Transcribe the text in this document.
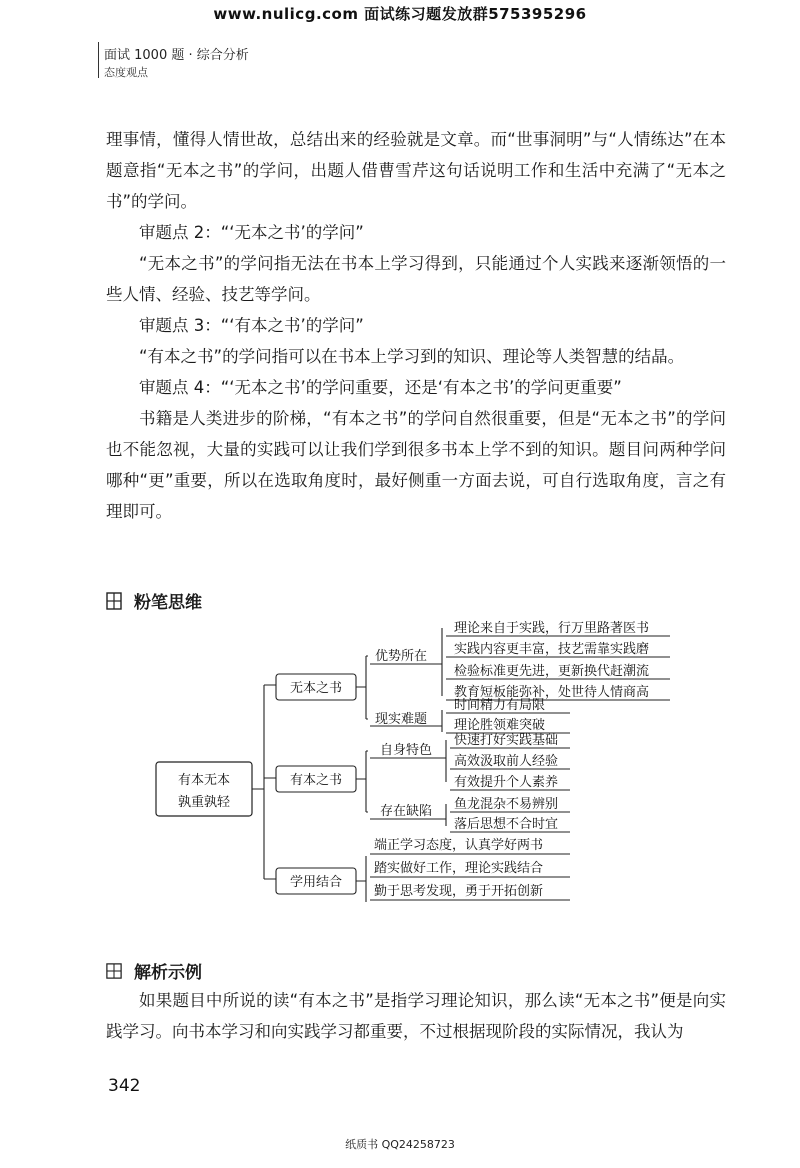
www.nulicg.com 面试练习题发放群575395296
面试 1000 题 · 综合分析
态度观点

理事情，懂得人情世故，总结出来的经验就是文章。而“世事洞明”与“人情练达”在本题意指“无本之书”的学问，出题人借曹雪芹这句话说明工作和生活中充满了“无本之书”的学问。

审题点 2：“‘无本之书’的学问”

“无本之书”的学问指无法在书本上学习得到，只能通过个人实践来逐渐领悟的一些人情、经验、技艺等学问。

审题点 3：“‘有本之书’的学问”

“有本之书”的学问指可以在书本上学习到的知识、理论等人类智慧的结晶。

审题点 4：“‘无本之书’的学问重要，还是‘有本之书’的学问更重要”

书籍是人类进步的阶梯，“有本之书”的学问自然很重要，但是“无本之书”的学问也不能忽视，大量的实践可以让我们学到很多书本上学不到的知识。题目问两种学问哪种“更”重要，所以在选取角度时，最好侧重一方面去说，可自行选取角度，言之有理即可。

粉笔思维
有本无本
孰重孰轻
无本之书
优势所在
理论来自于实践，行万里路著医书
实践内容更丰富，技艺需靠实践磨
检验标准更先进，更新换代赶潮流
教育短板能弥补，处世待人情商高
现实难题
时间精力有局限
理论胜领难突破
有本之书
自身特色
快速打好实践基础
高效汲取前人经验
有效提升个人素养
存在缺陷 鱼龙混杂不易辨别
落后思想不合时宜
学用结合
端正学习态度，认真学好两书
踏实做好工作，理论实践结合
勤于思考发现，勇于开拓创新
解析示例

如果题目中所说的读“有本之书”是指学习理论知识，那么读“无本之书”便是向实践学习。向书本学习和向实践学习都重要，不过根据现阶段的实际情况，我认为

342
纸质书 QQ24258723
